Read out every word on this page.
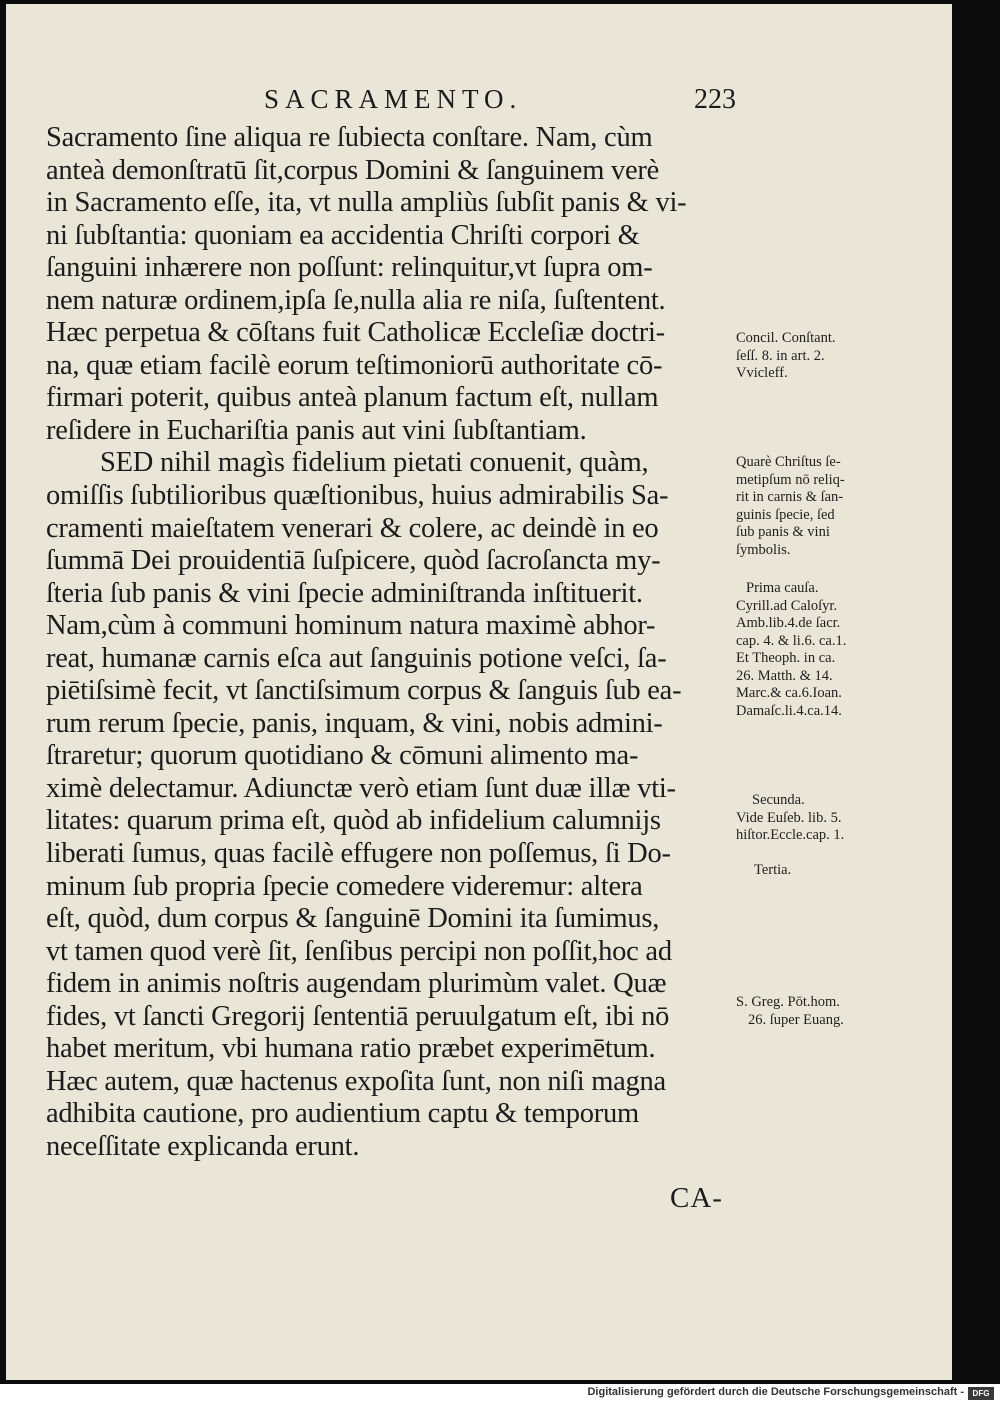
SACRAMENTO.	223
Sacramento ſine aliqua re ſubiecta conſtare. Nam, cùm
anteà demonſtratū ſit,corpus Domini & ſanguinem verè
in Sacramento eſſe, ita, vt nulla ampliùs ſubſit panis & vi-
ni ſubſtantia: quoniam ea accidentia Chriſti corpori &
ſanguini inhærere non poſſunt: relinquitur,vt ſupra om-
nem naturæ ordinem,ipſa ſe,nulla alia re niſa, ſuſtentent.
Hæc perpetua & cōſtans fuit Catholicæ Eccleſiæ doctri-
na, quæ etiam facilè eorum teſtimoniorū authoritate cō-
firmari poterit, quibus anteà planum factum eſt, nullam
reſidere in Euchariſtia panis aut vini ſubſtantiam.
SED nihil magìs fidelium pietati conuenit, quàm,
omiſſis ſubtilioribus quæſtionibus, huius admirabilis Sa-
cramenti maieſtatem venerari & colere, ac deindè in eo
ſummā Dei prouidentiā ſuſpicere, quòd ſacroſancta my-
ſteria ſub panis & vini ſpecie adminiſtranda inſtituerit.
Nam,cùm à communi hominum natura maximè abhor-
reat, humanæ carnis eſca aut ſanguinis potione veſci, ſa-
piētiſsimè fecit, vt ſanctiſsimum corpus & ſanguis ſub ea-
rum rerum ſpecie, panis, inquam, & vini, nobis admini-
ſtraretur; quorum quotidiano & cōmuni alimento ma-
ximè delectamur. Adiunctæ verò etiam ſunt duæ illæ vti-
litates: quarum prima eſt, quòd ab infidelium calumnijs
liberati ſumus, quas facilè effugere non poſſemus, ſi Do-
minum ſub propria ſpecie comedere videremur: altera
eſt, quòd, dum corpus & ſanguinē Domini ita ſumimus,
vt tamen quod verè ſit, ſenſibus percipi non poſſit,hoc ad
fidem in animis noſtris augendam plurimùm valet. Quæ
fides, vt ſancti Gregorij ſententiā peruulgatum eſt, ibi nō
habet meritum, vbi humana ratio præbet experimētum.
Hæc autem, quæ hactenus expoſita ſunt, non niſi magna
adhibita cautione, pro audientium captu & temporum
neceſſitate explicanda erunt.
CA-
Concil. Conſtant.
ſeſſ. 8. in art. 2.
Vvicleff.
Quarè Chriſtus ſe-
metipſum nō reliq-
rit in carnis & ſan-
guinis ſpecie, ſed
ſub panis & vini
ſymbolis.
Prima cauſa.
Cyrill.ad Caloſyr.
Amb.lib.4.de ſacr.
cap. 4. & li.6. ca.1.
Et Theoph. in ca.
26. Matth. & 14.
Marc.& ca.6.Ioan.
Damaſc.li.4.ca.14.
Secunda.
Vide Euſeb. lib. 5.
hiſtor.Eccle.cap. 1.
Tertia.
S. Greg. Pōt.hom.
26. ſuper Euang.
Digitalisierung gefördert durch die Deutsche Forschungsgemeinschaft -	DFG
